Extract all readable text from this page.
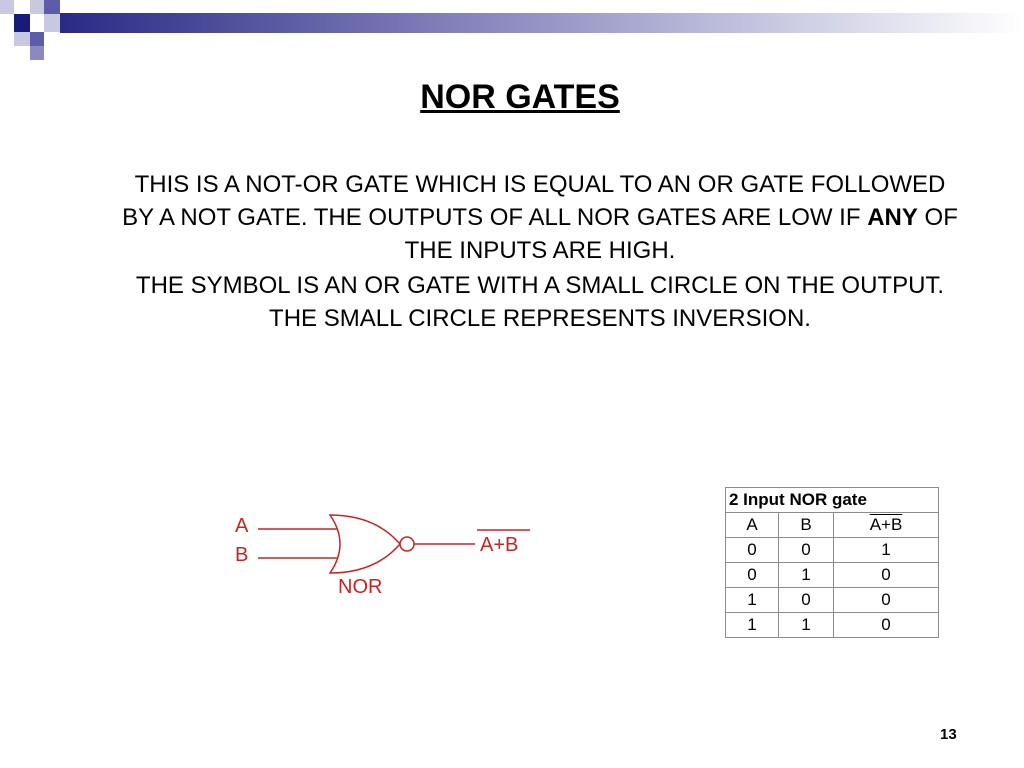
NOR GATES

THIS IS A NOT-OR GATE WHICH IS EQUAL TO AN OR GATE FOLLOWED BY A NOT GATE. THE OUTPUTS OF ALL NOR GATES ARE LOW IF ANY OF THE INPUTS ARE HIGH.

THE SYMBOL IS AN OR GATE WITH A SMALL CIRCLE ON THE OUTPUT. THE SMALL CIRCLE REPRESENTS INVERSION.

A
B	A+B
NOR
2 Input NOR gate		
A	B	A+B
0	0	1
0	1	0
1	0	0
1	1	0
13
